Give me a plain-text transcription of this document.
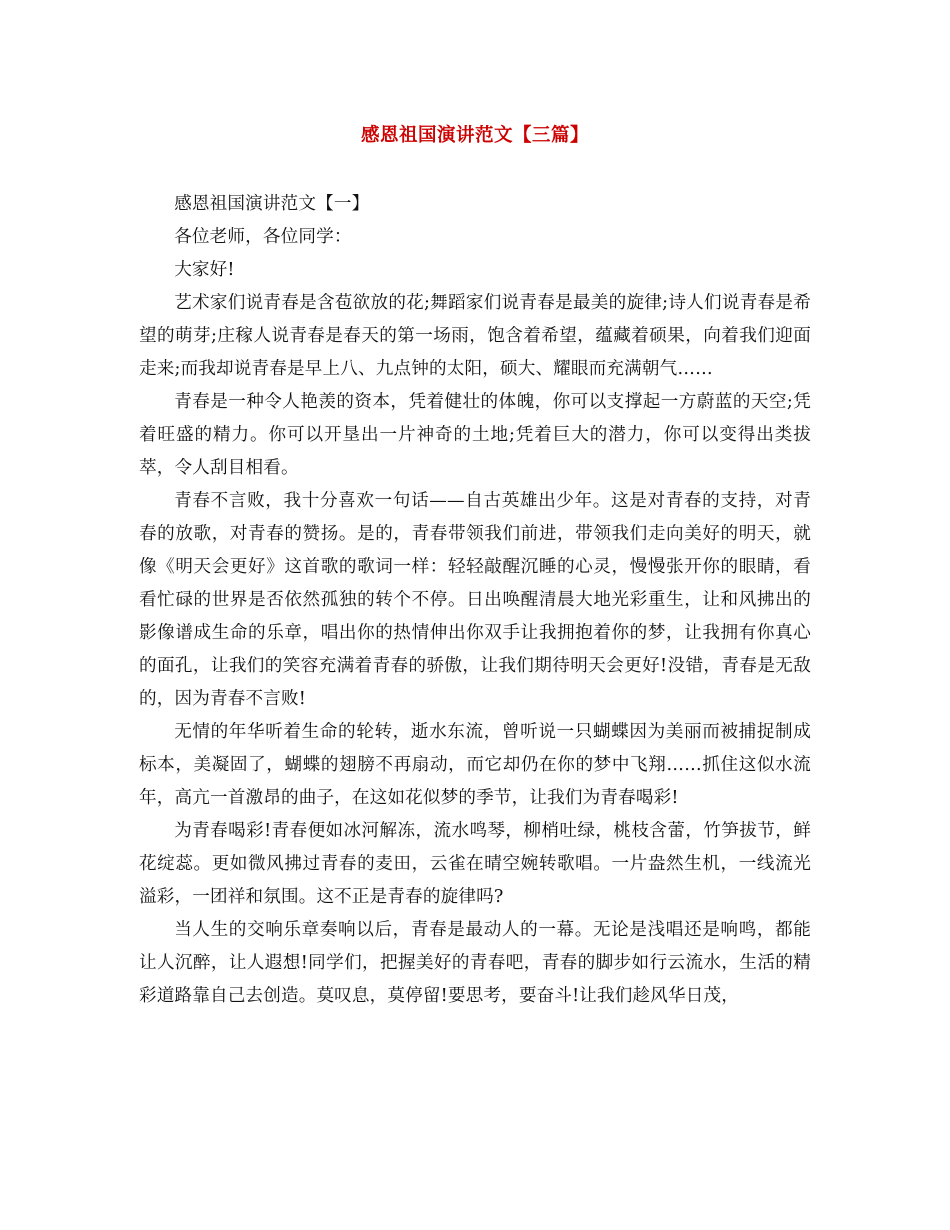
感恩祖国演讲范文【三篇】

感恩祖国演讲范文【一】

各位老师，各位同学：

大家好!

艺术家们说青春是含苞欲放的花;舞蹈家们说青春是最美的旋律;诗人们说青春是希望的萌芽;庄稼人说青春是春天的第一场雨，饱含着希望，蕴藏着硕果，向着我们迎面走来;而我却说青春是早上八、九点钟的太阳，硕大、耀眼而充满朝气……

青春是一种令人艳羡的资本，凭着健壮的体魄，你可以支撑起一方蔚蓝的天空;凭着旺盛的精力。你可以开垦出一片神奇的土地;凭着巨大的潜力，你可以变得出类拔萃，令人刮目相看。

青春不言败，我十分喜欢一句话——自古英雄出少年。这是对青春的支持，对青春的放歌，对青春的赞扬。是的，青春带领我们前进，带领我们走向美好的明天，就像《明天会更好》这首歌的歌词一样：轻轻敲醒沉睡的心灵，慢慢张开你的眼睛，看看忙碌的世界是否依然孤独的转个不停。日出唤醒清晨大地光彩重生，让和风拂出的影像谱成生命的乐章，唱出你的热情伸出你双手让我拥抱着你的梦，让我拥有你真心的面孔，让我们的笑容充满着青春的骄傲，让我们期待明天会更好!没错，青春是无敌的，因为青春不言败!

无情的年华听着生命的轮转，逝水东流，曾听说一只蝴蝶因为美丽而被捕捉制成标本，美凝固了，蝴蝶的翅膀不再扇动，而它却仍在你的梦中飞翔……抓住这似水流年，高亢一首激昂的曲子，在这如花似梦的季节，让我们为青春喝彩!

为青春喝彩!青春便如冰河解冻，流水鸣琴，柳梢吐绿，桃枝含蕾，竹笋拔节，鲜花绽蕊。更如微风拂过青春的麦田，云雀在晴空婉转歌唱。一片盎然生机，一线流光溢彩，一团祥和氛围。这不正是青春的旋律吗?

当人生的交响乐章奏响以后，青春是最动人的一幕。无论是浅唱还是响鸣，都能让人沉醉，让人遐想!同学们，把握美好的青春吧，青春的脚步如行云流水，生活的精彩道路靠自己去创造。莫叹息，莫停留!要思考，要奋斗!让我们趁风华日茂，
